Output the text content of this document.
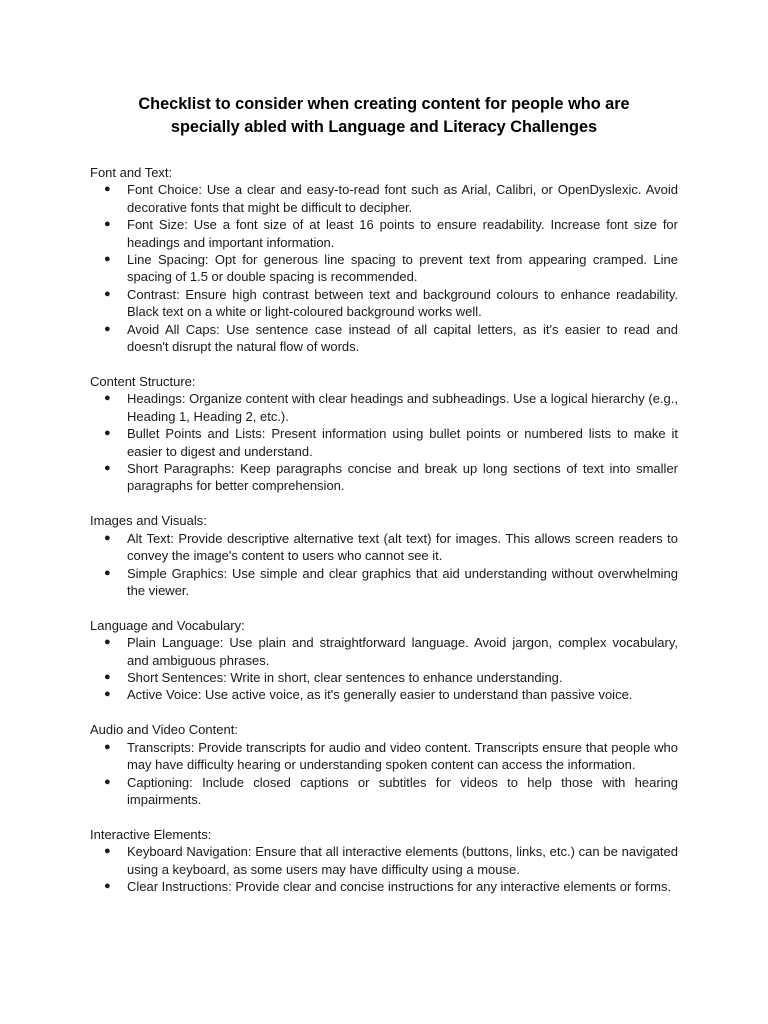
Checklist to consider when creating content for people who are
specially abled with Language and Literacy Challenges

Font and Text:

● Font Choice: Use a clear and easy-to-read font such as Arial, Calibri, or OpenDyslexic. Avoid decorative fonts that might be difficult to decipher.
● Font Size: Use a font size of at least 16 points to ensure readability. Increase font size for headings and important information.
● Line Spacing: Opt for generous line spacing to prevent text from appearing cramped. Line spacing of 1.5 or double spacing is recommended.
● Contrast: Ensure high contrast between text and background colours to enhance readability. Black text on a white or light-coloured background works well.
● Avoid All Caps: Use sentence case instead of all capital letters, as it's easier to read and doesn't disrupt the natural flow of words.

Content Structure:

● Headings: Organize content with clear headings and subheadings. Use a logical hierarchy (e.g., Heading 1, Heading 2, etc.).
● Bullet Points and Lists: Present information using bullet points or numbered lists to make it easier to digest and understand.
● Short Paragraphs: Keep paragraphs concise and break up long sections of text into smaller paragraphs for better comprehension.

Images and Visuals:

● Alt Text: Provide descriptive alternative text (alt text) for images. This allows screen readers to convey the image's content to users who cannot see it.
● Simple Graphics: Use simple and clear graphics that aid understanding without overwhelming the viewer.

Language and Vocabulary:

● Plain Language: Use plain and straightforward language. Avoid jargon, complex vocabulary, and ambiguous phrases.
● Short Sentences: Write in short, clear sentences to enhance understanding.
● Active Voice: Use active voice, as it's generally easier to understand than passive voice.

Audio and Video Content:

● Transcripts: Provide transcripts for audio and video content. Transcripts ensure that people who may have difficulty hearing or understanding spoken content can access the information.
● Captioning: Include closed captions or subtitles for videos to help those with hearing impairments.

Interactive Elements:

● Keyboard Navigation: Ensure that all interactive elements (buttons, links, etc.) can be navigated using a keyboard, as some users may have difficulty using a mouse.
● Clear Instructions: Provide clear and concise instructions for any interactive elements or forms.
